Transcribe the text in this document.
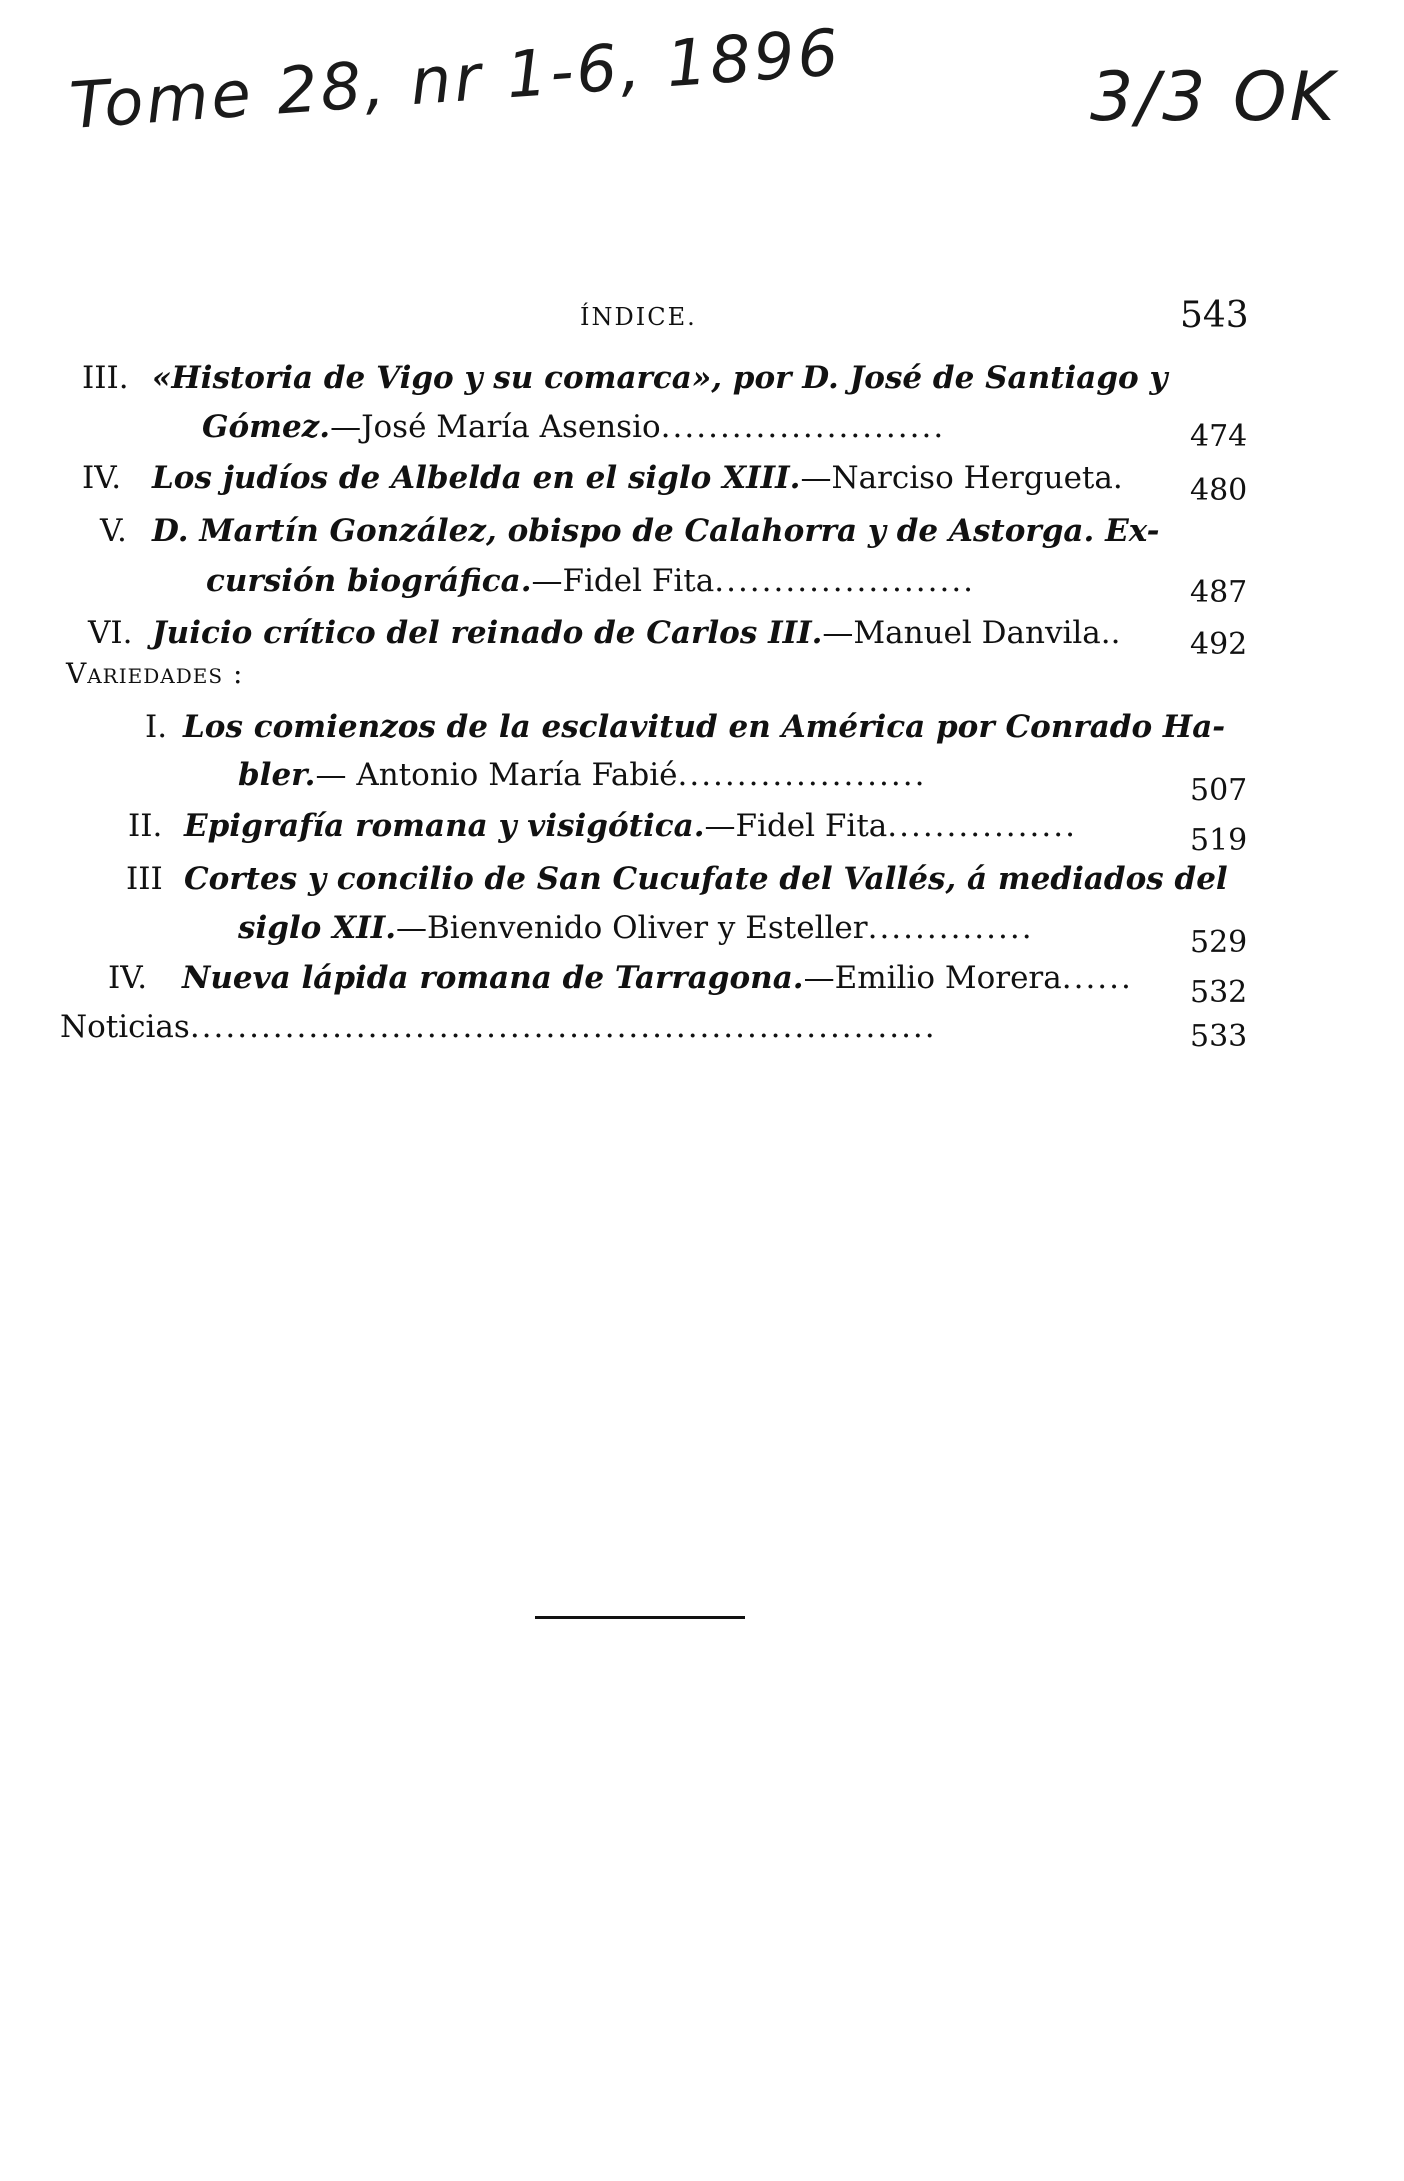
Tome 28, nr 1-6, 1896	3/3 OK
ÍNDICE.	543
III. «Historia de Vigo y su comarca», por D. José de Santiago y
Gómez.—José María Asensio........................	474
IV. Los judíos de Albelda en el siglo XIII.—Narciso Hergueta. 480
V. D. Martín González, obispo de Calahorra y de Astorga. Ex-
cursión biográfica.—Fidel Fita......................	487
VI. Juicio crítico del reinado de Carlos III.—Manuel Danvila.. 492
Variedades :
I. Los comienzos de la esclavitud en América por Conrado Ha-
bler.— Antonio María Fabié.....................	507
II. Epigrafía romana y visigótica.—Fidel Fita................	519
III Cortes y concilio de San Cucufate del Vallés, á mediados del
siglo XII.—Bienvenido Oliver y Esteller..............	529
IV. Nueva lápida romana de Tarragona.—Emilio Morera...... 532
Noticias...............................................................	533
